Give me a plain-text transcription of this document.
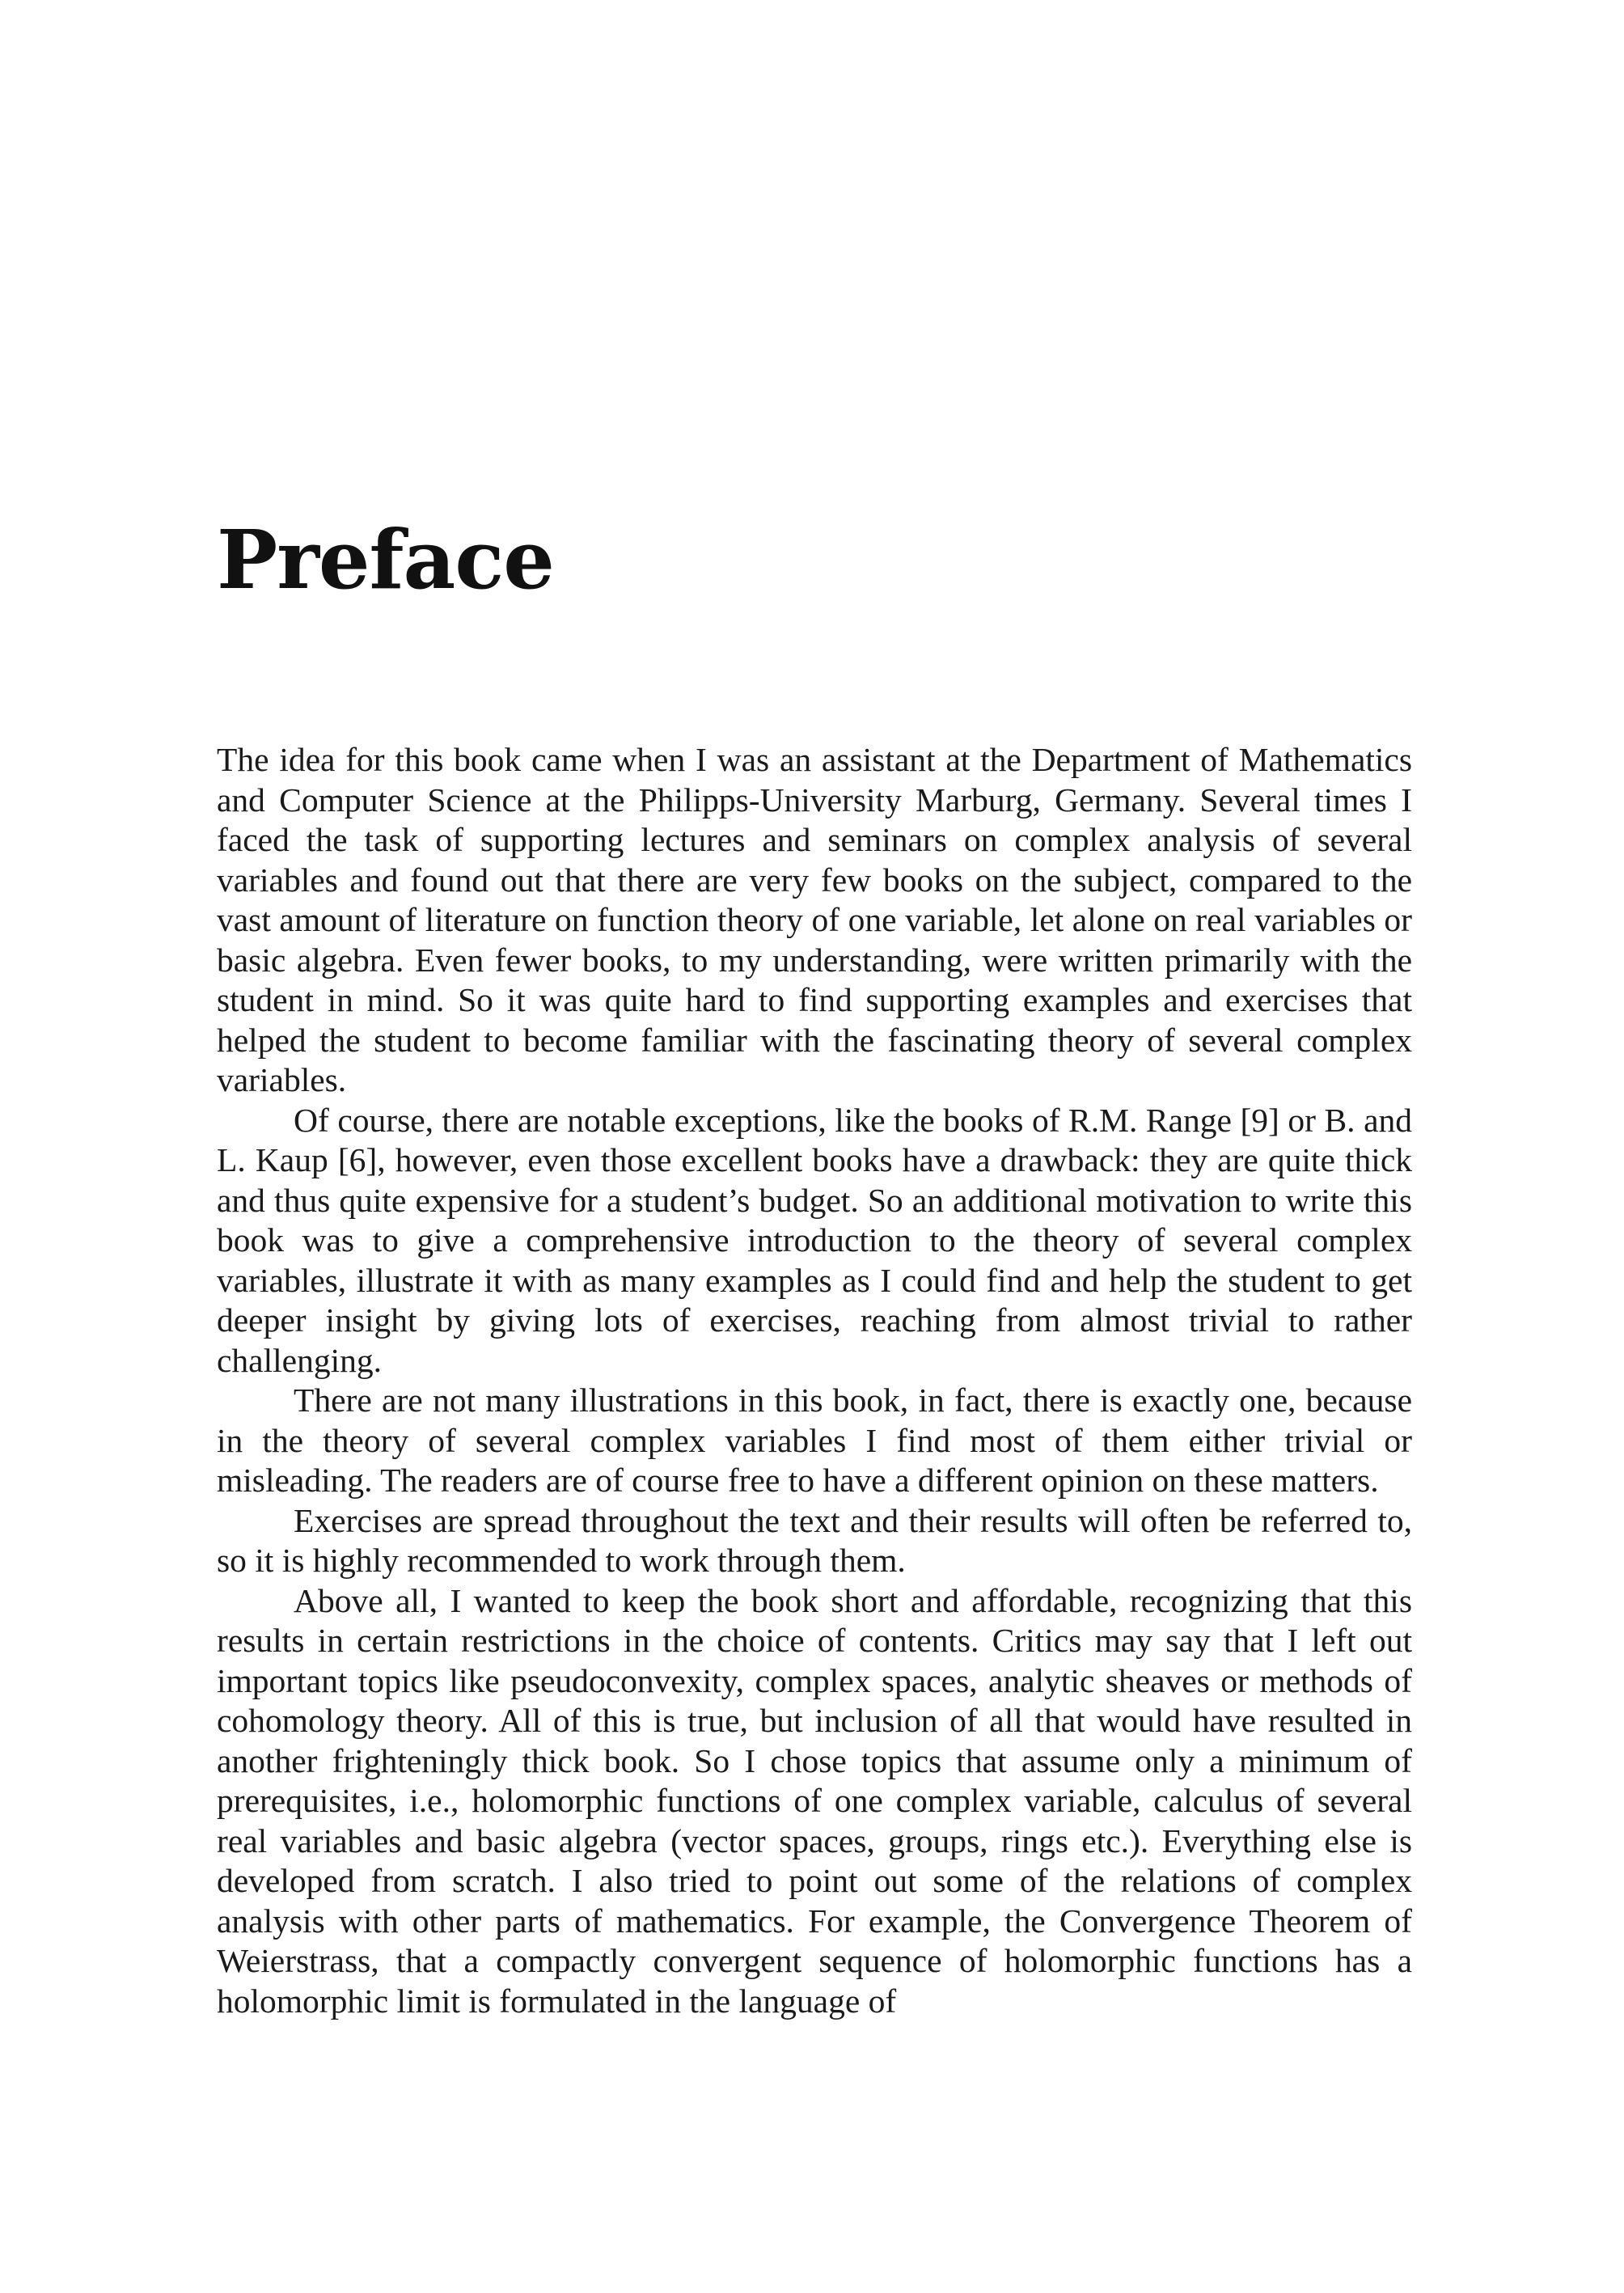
Preface

The idea for this book came when I was an assistant at the Department of Mathematics and Computer Science at the Philipps-University Marburg, Germany. Several times I faced the task of supporting lectures and seminars on complex analysis of several variables and found out that there are very few books on the subject, compared to the vast amount of literature on function theory of one variable, let alone on real variables or basic algebra. Even fewer books, to my understanding, were written primarily with the student in mind. So it was quite hard to find supporting examples and exercises that helped the student to become familiar with the fascinating theory of several complex variables.

Of course, there are notable exceptions, like the books of R.M. Range [9] or B. and L. Kaup [6], however, even those excellent books have a drawback: they are quite thick and thus quite expensive for a student’s budget. So an additional motivation to write this book was to give a comprehensive introduction to the theory of several complex variables, illustrate it with as many examples as I could find and help the student to get deeper insight by giving lots of exercises, reaching from almost trivial to rather challenging.

There are not many illustrations in this book, in fact, there is exactly one, because in the theory of several complex variables I find most of them either trivial or misleading. The readers are of course free to have a different opinion on these matters.

Exercises are spread throughout the text and their results will often be referred to, so it is highly recommended to work through them.

Above all, I wanted to keep the book short and affordable, recognizing that this results in certain restrictions in the choice of contents. Critics may say that I left out important topics like pseudoconvexity, complex spaces, analytic sheaves or methods of cohomology theory. All of this is true, but inclusion of all that would have resulted in another frighteningly thick book. So I chose topics that assume only a minimum of prerequisites, i.e., holomorphic functions of one complex variable, calculus of several real variables and basic algebra (vector spaces, groups, rings etc.). Everything else is developed from scratch. I also tried to point out some of the relations of complex analysis with other parts of mathematics. For example, the Convergence Theorem of Weierstrass, that a compactly convergent sequence of holomorphic functions has a holomorphic limit is formulated in the language of
